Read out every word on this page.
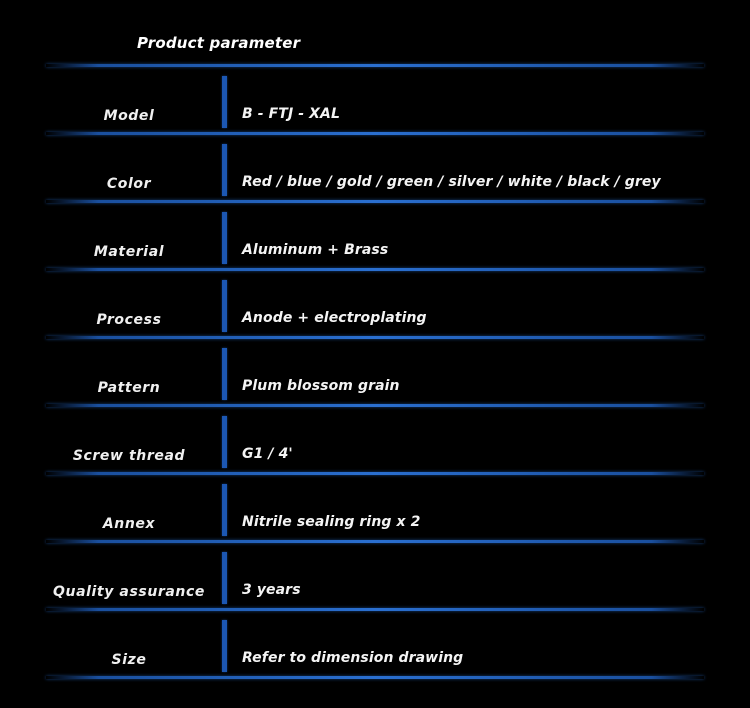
Product parameter
Model	B - FTJ - XAL
Color	Red / blue / gold / green / silver / white / black / grey
Material	Aluminum + Brass
Process	Anode + electroplating
Pattern	Plum blossom grain
Screw thread	G1 / 4'
Annex	Nitrile sealing ring x 2
Quality assurance	3 years
Size	Refer to dimension drawing
